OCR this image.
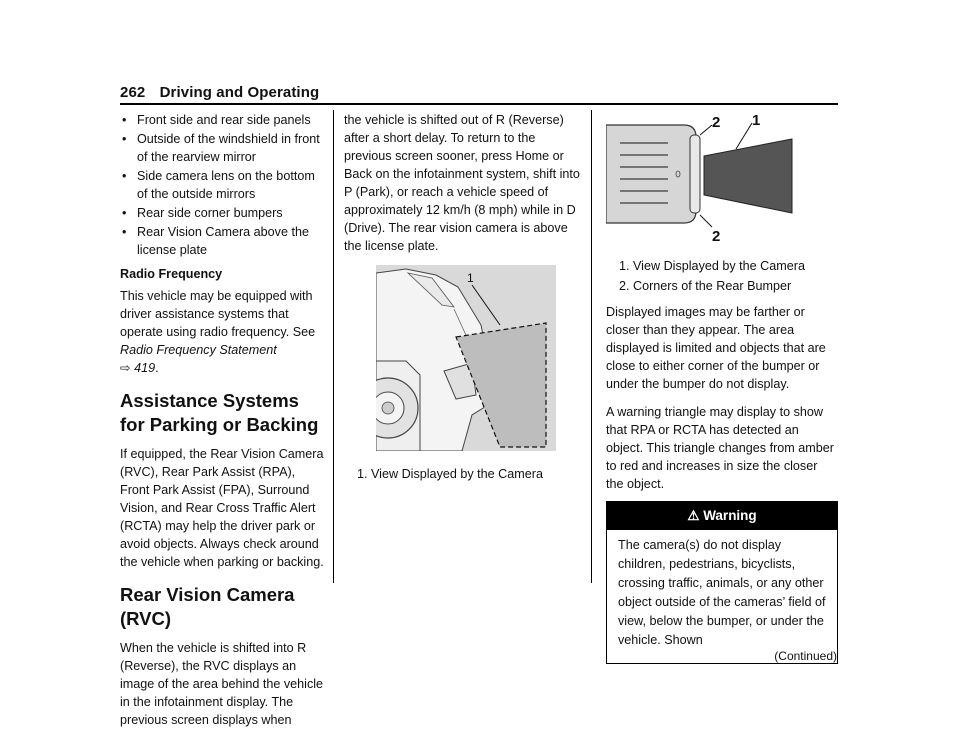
262 Driving and Operating
• Front side and rear side panels
• Outside of the windshield in front of the rearview mirror
• Side camera lens on the bottom of the outside mirrors
• Rear side corner bumpers
• Rear Vision Camera above the license plate
Radio Frequency

This vehicle may be equipped with driver assistance systems that operate using radio frequency. See Radio Frequency Statement
⇨ 419.

Assistance Systems for Parking or Backing

If equipped, the Rear Vision Camera (RVC), Rear Park Assist (RPA), Front Park Assist (FPA), Surround Vision, and Rear Cross Traffic Alert (RCTA) may help the driver park or avoid objects. Always check around the vehicle when parking or backing.

Rear Vision Camera (RVC)

When the vehicle is shifted into R (Reverse), the RVC displays an image of the area behind the vehicle in the infotainment display. The previous screen displays when

the vehicle is shifted out of R (Reverse) after a short delay. To return to the previous screen sooner, press Home or Back on the infotainment system, shift into P (Park), or reach a vehicle speed of approximately 12 km/h (8 mph) while in D (Drive). The rear vision camera is above the license plate.

1
1. View Displayed by the Camera
2 1
2
1. View Displayed by the Camera
2. Corners of the Rear Bumper

Displayed images may be farther or closer than they appear. The area displayed is limited and objects that are close to either corner of the bumper or under the bumper do not display.

A warning triangle may display to show that RPA or RCTA has detected an object. This triangle changes from amber to red and increases in size the closer the object.

⚠ Warning
The camera(s) do not display children, pedestrians, bicyclists, crossing traffic, animals, or any other object outside of the cameras’ field of view, below the bumper, or under the vehicle. Shown
(Continued)
